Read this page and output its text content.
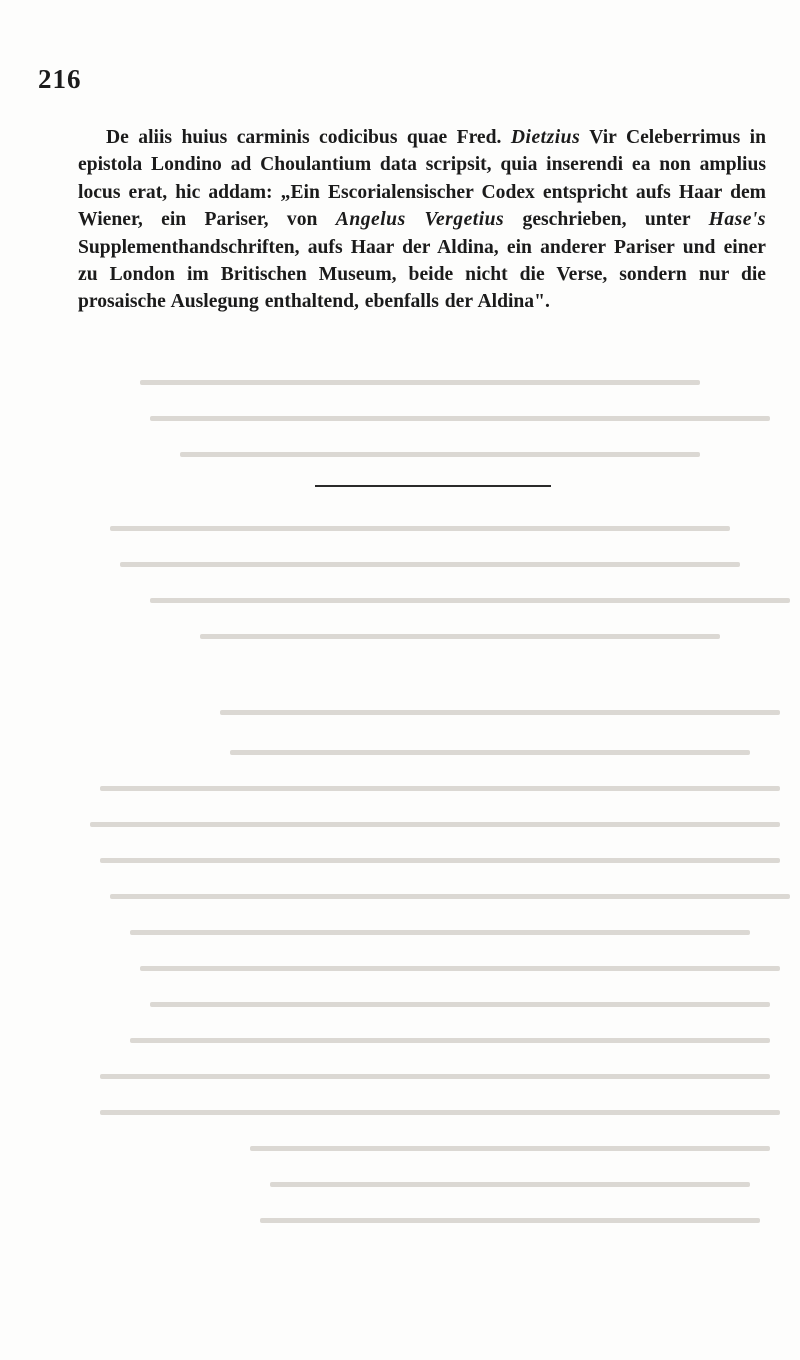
216

De aliis huius carminis codicibus quae Fred. Dietzius Vir Celeberrimus in epistola Londino ad Choulantium data scripsit, quia inserendi ea non amplius locus erat, hic addam: „Ein Escorialensischer Codex entspricht aufs Haar dem Wiener, ein Pariser, von Angelus Vergetius geschrieben, unter Hase's Supplementhandschriften, aufs Haar der Aldina, ein anderer Pariser und einer zu London im Britischen Museum, beide nicht die Verse, sondern nur die prosaische Auslegung enthaltend, ebenfalls der Aldina".
